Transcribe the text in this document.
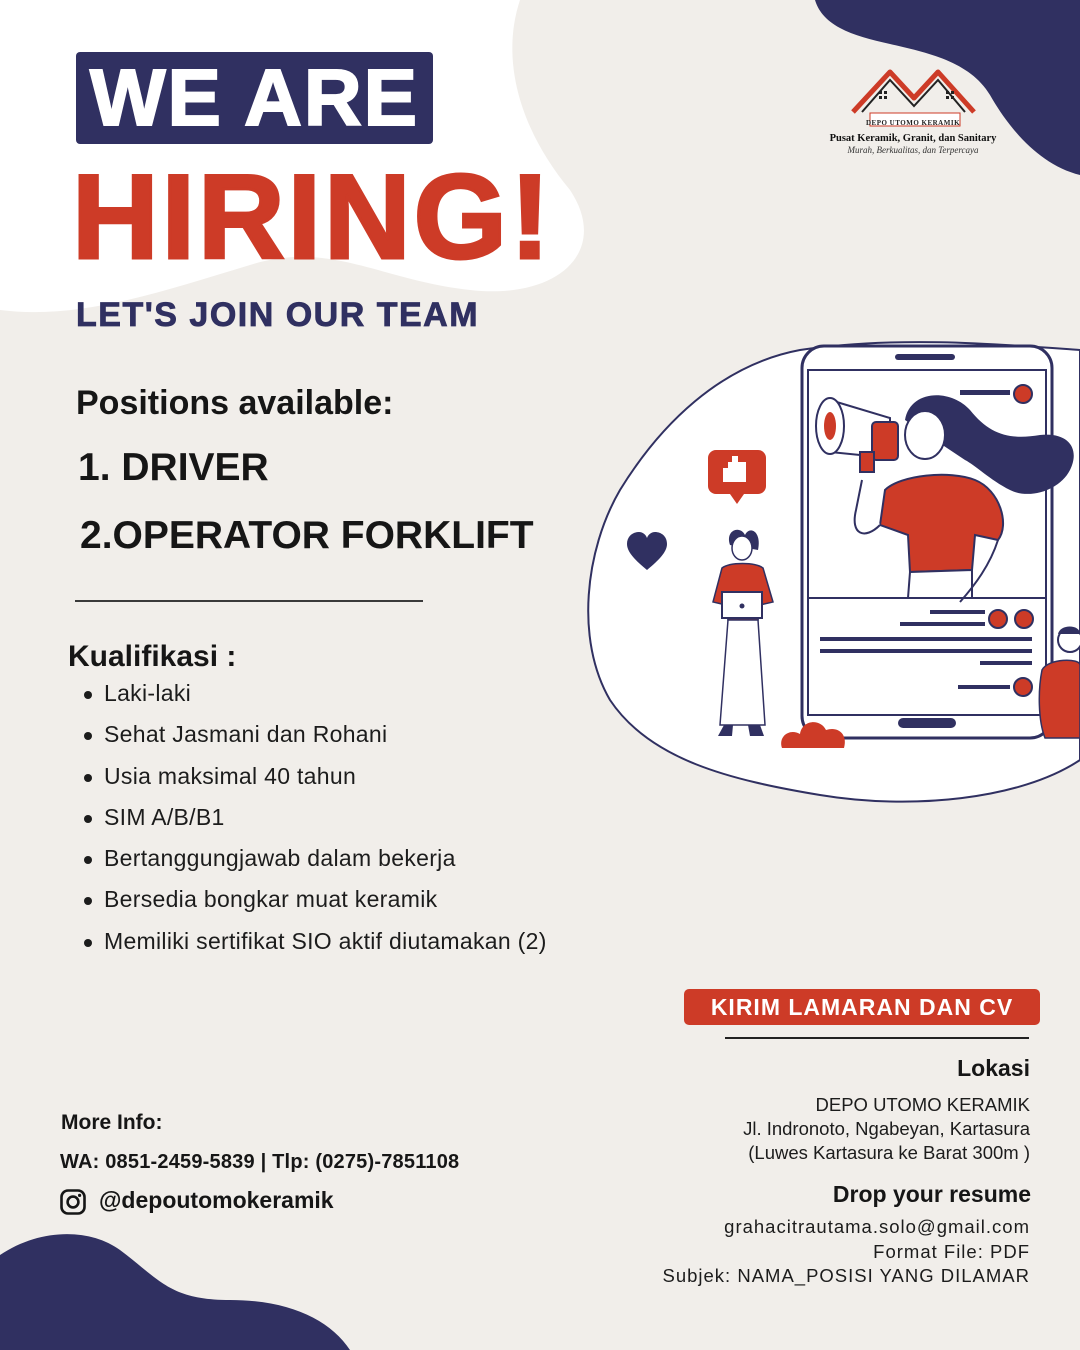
WE ARE
HIRING!
LET'S JOIN OUR TEAM
DEPO UTOMO KERAMIK
Pusat Keramik, Granit, dan Sanitary
Murah, Berkualitas, dan Terpercaya
Positions available:
1. DRIVER
2.OPERATOR FORKLIFT
Kualifikasi :
Laki-laki
Sehat Jasmani dan Rohani
Usia maksimal 40 tahun
SIM A/B/B1
Bertanggungjawab dalam bekerja
Bersedia bongkar muat keramik
Memiliki sertifikat SIO aktif diutamakan (2)
KIRIM LAMARAN DAN CV
Lokasi
DEPO UTOMO KERAMIK
Jl. Indronoto, Ngabeyan, Kartasura
(Luwes Kartasura ke Barat 300m )
Drop your resume
grahacitrautama.solo@gmail.com
Format File: PDF
Subjek: NAMA_POSISI YANG DILAMAR
More Info:
WA: 0851-2459-5839 | Tlp: (0275)-7851108
@depoutomokeramik
